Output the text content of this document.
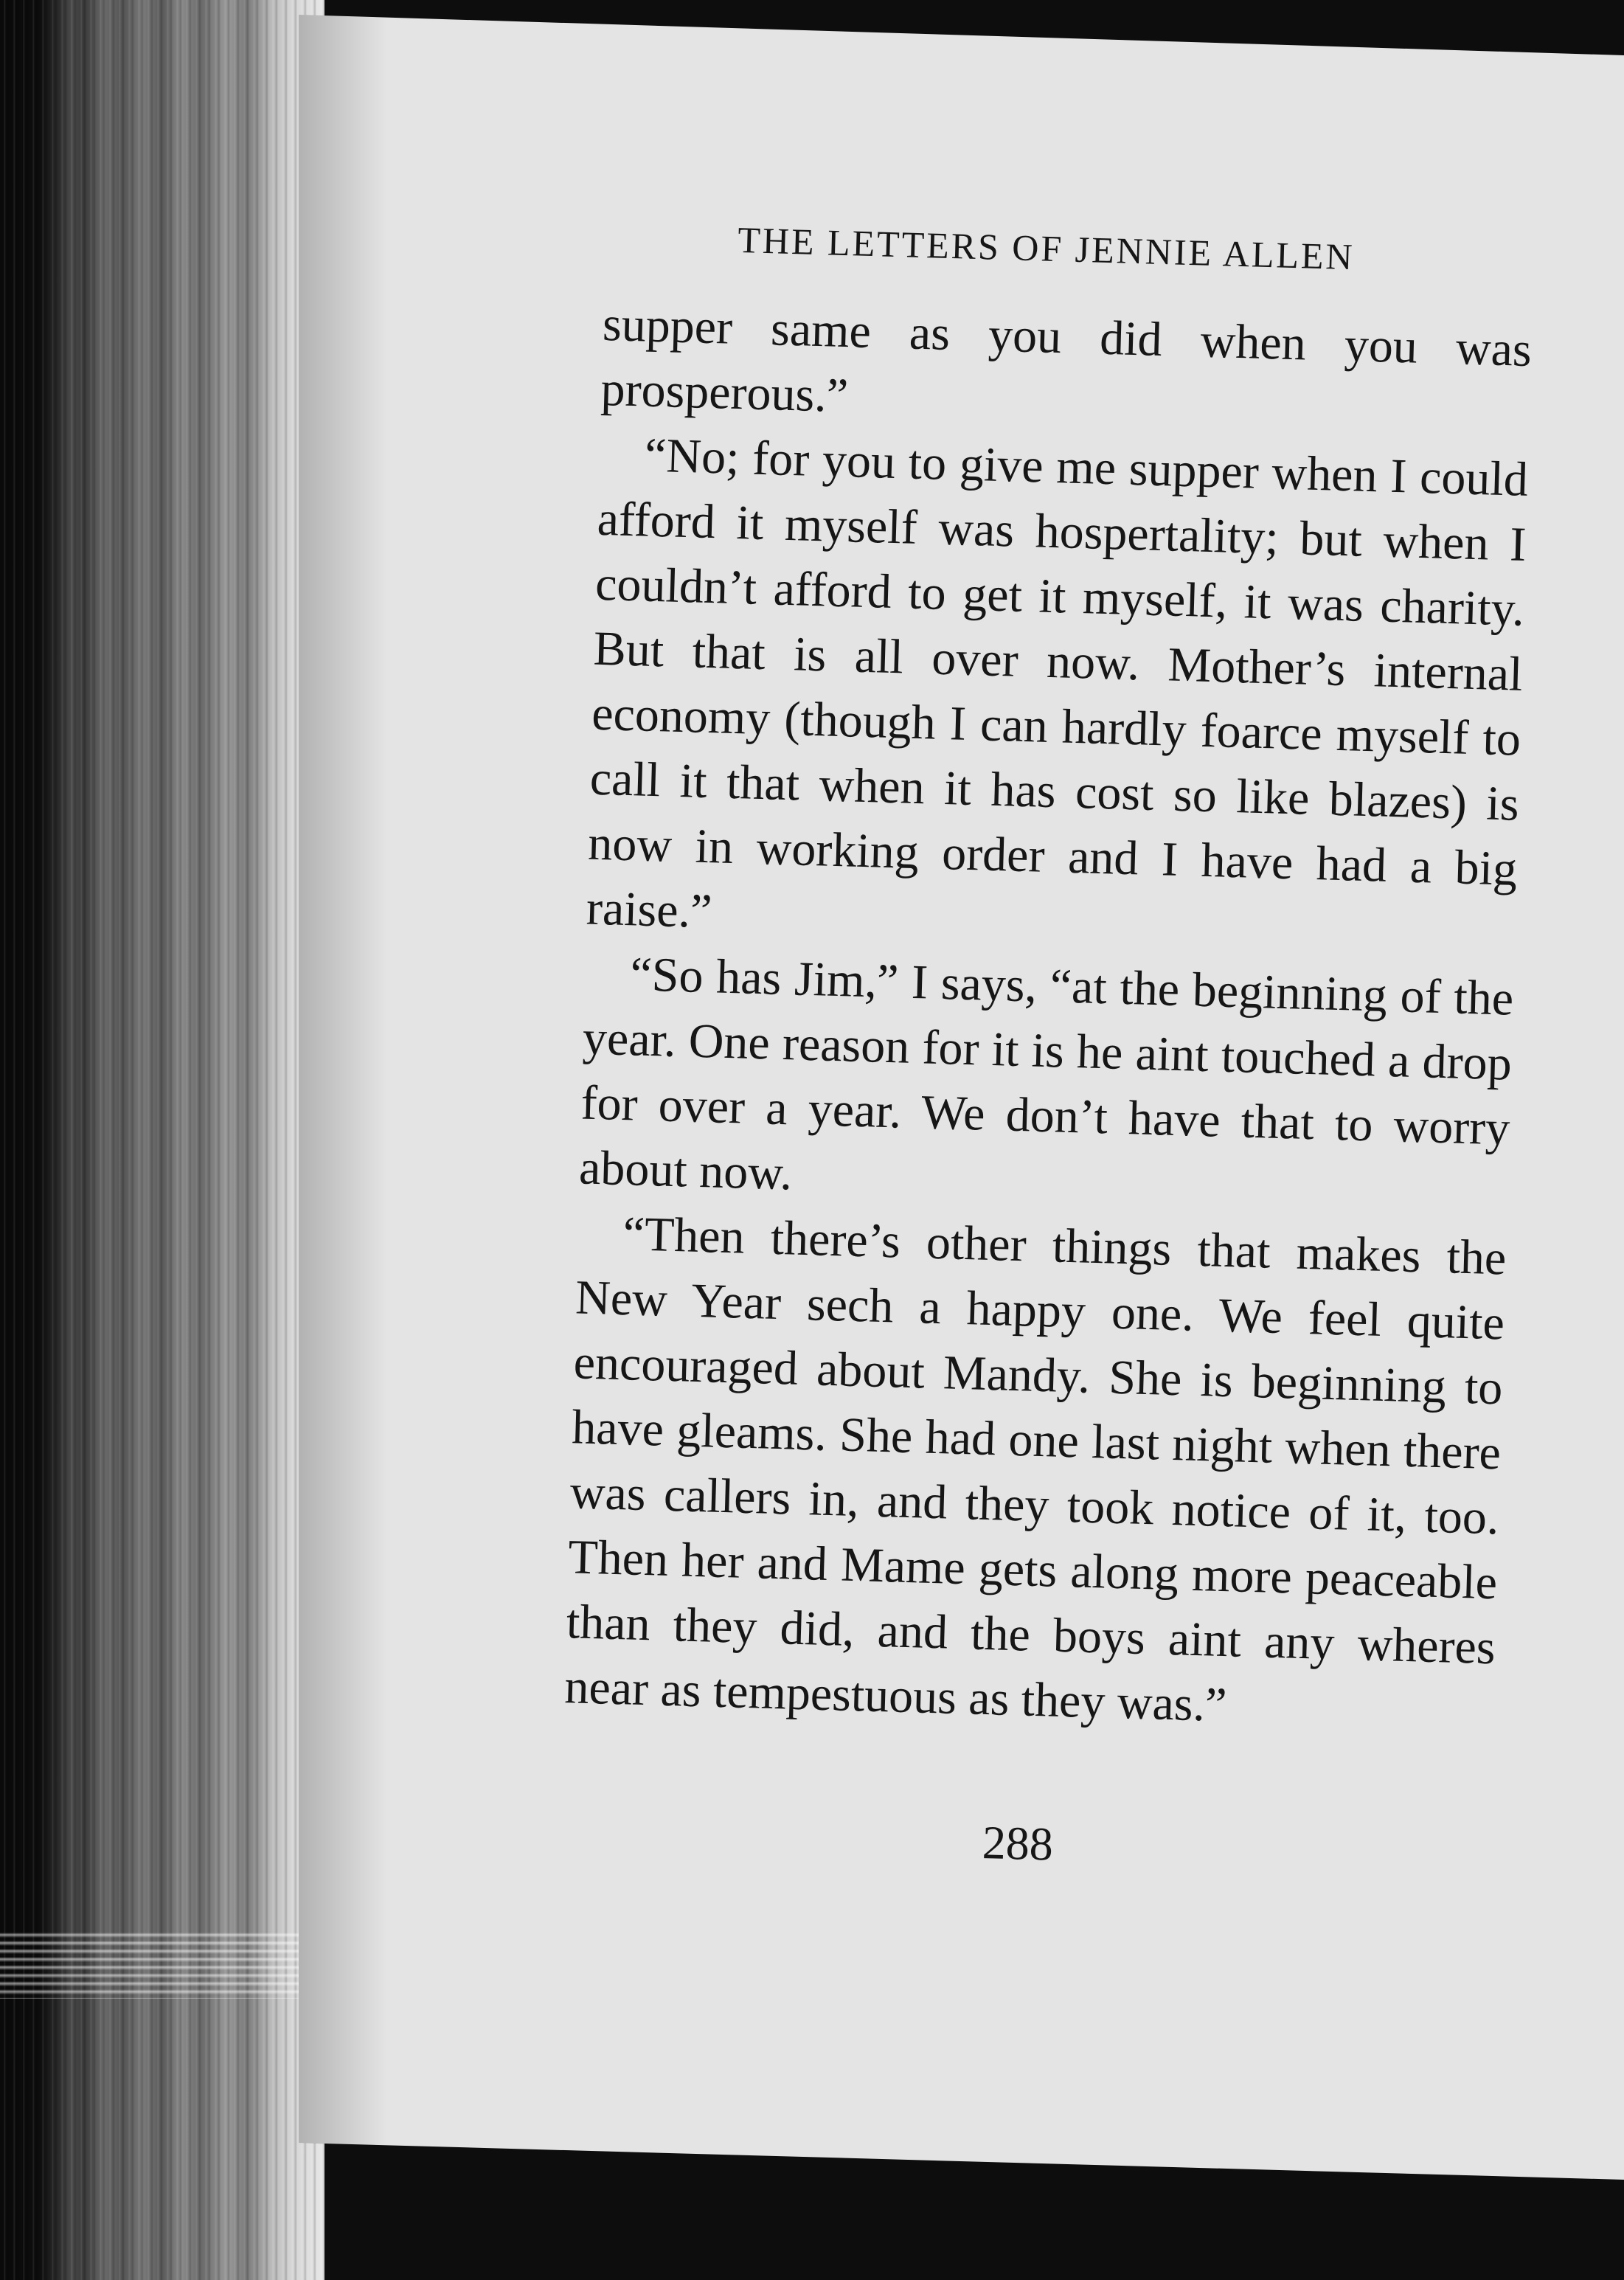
THE LETTERS OF JENNIE ALLEN

supper same as you did when you was prosperous.”

“No; for you to give me supper when I could afford it myself was hospertality; but when I couldn’t afford to get it myself, it was charity. But that is all over now. Mother’s internal economy (though I can hardly foarce myself to call it that when it has cost so like blazes) is now in working order and I have had a big raise.”

“So has Jim,” I says, “at the beginning of the year. One reason for it is he aint touched a drop for over a year. We don’t have that to worry about now.

“Then there’s other things that makes the New Year sech a happy one. We feel quite encouraged about Mandy. She is beginning to have gleams. She had one last night when there was callers in, and they took notice of it, too. Then her and Mame gets along more peaceable than they did, and the boys aint any wheres near as tempestuous as they was.”

288
